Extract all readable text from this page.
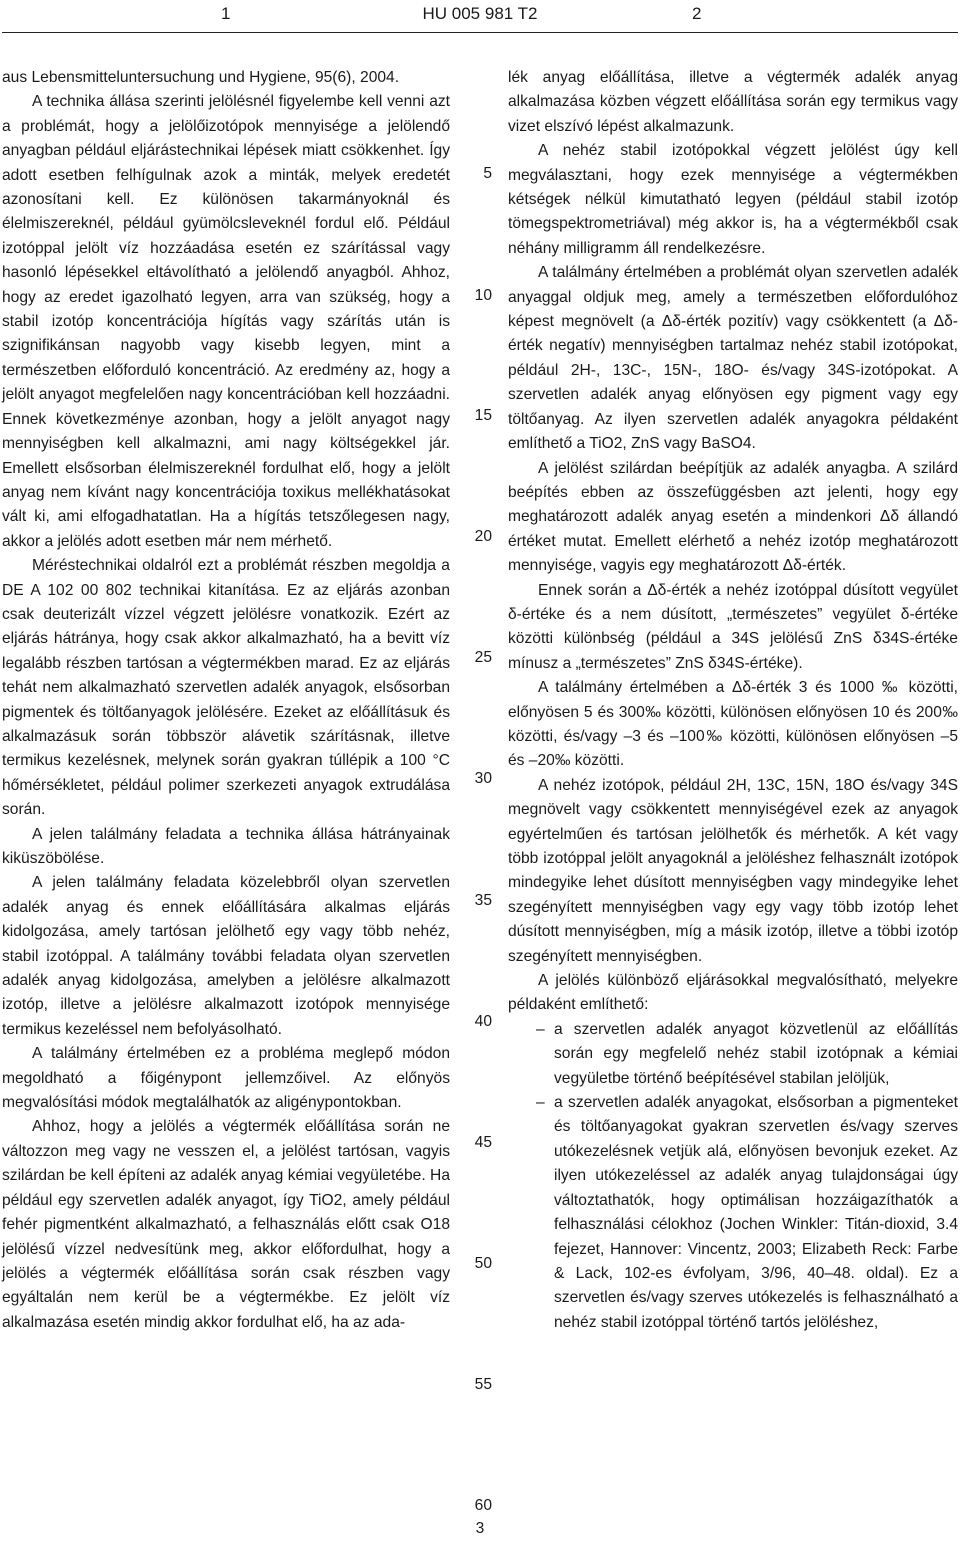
1	HU 005 981 T2	2

aus Lebensmitteluntersuchung und Hygiene, 95(6), 2004.

A technika állása szerinti jelölésnél figyelembe kell venni azt a problémát, hogy a jelölőizotópok mennyisége a jelölendő anyagban például eljárástechnikai lépések miatt csökkenhet. Így adott esetben felhígulnak azok a minták, melyek eredetét azonosítani kell. Ez különösen takarmányoknál és élelmiszereknél, például gyümölcsleveknél fordul elő. Például izotóppal jelölt víz hozzáadása esetén ez szárítással vagy hasonló lépésekkel eltávolítható a jelölendő anyagból. Ahhoz, hogy az eredet igazolható legyen, arra van szükség, hogy a stabil izotóp koncentrációja hígítás vagy szárítás után is szignifikánsan nagyobb vagy kisebb legyen, mint a természetben előforduló koncentráció. Az eredmény az, hogy a jelölt anyagot megfelelően nagy koncentrációban kell hozzáadni. Ennek következménye azonban, hogy a jelölt anyagot nagy mennyiségben kell alkalmazni, ami nagy költségekkel jár. Emellett elsősorban élelmiszereknél fordulhat elő, hogy a jelölt anyag nem kívánt nagy koncentrációja toxikus mellékhatásokat vált ki, ami elfogadhatatlan. Ha a hígítás tetszőlegesen nagy, akkor a jelölés adott esetben már nem mérhető.

Méréstechnikai oldalról ezt a problémát részben megoldja a DE A 102 00 802 technikai kitanítása. Ez az eljárás azonban csak deuterizált vízzel végzett jelölésre vonatkozik. Ezért az eljárás hátránya, hogy csak akkor alkalmazható, ha a bevitt víz legalább részben tartósan a végtermékben marad. Ez az eljárás tehát nem alkalmazható szervetlen adalék anyagok, elsősorban pigmentek és töltőanyagok jelölésére. Ezeket az előállításuk és alkalmazásuk során többször alávetik szárításnak, illetve termikus kezelésnek, melynek során gyakran túllépik a 100 °C hőmérsékletet, például polimer szerkezeti anyagok extrudálása során.

A jelen találmány feladata a technika állása hátrányainak kiküszöbölése.

A jelen találmány feladata közelebbről olyan szervetlen adalék anyag és ennek előállítására alkalmas eljárás kidolgozása, amely tartósan jelölhető egy vagy több nehéz, stabil izotóppal. A találmány további feladata olyan szervetlen adalék anyag kidolgozása, amelyben a jelölésre alkalmazott izotóp, illetve a jelölésre alkalmazott izotópok mennyisége termikus kezeléssel nem befolyásolható.

A találmány értelmében ez a probléma meglepő módon megoldható a főigénypont jellemzőivel. Az előnyös megvalósítási módok megtalálhatók az aligénypontokban.

Ahhoz, hogy a jelölés a végtermék előállítása során ne változzon meg vagy ne vesszen el, a jelölést tartósan, vagyis szilárdan be kell építeni az adalék anyag kémiai vegyületébe. Ha például egy szervetlen adalék anyagot, így TiO2, amely például fehér pigmentként alkalmazható, a felhasználás előtt csak O18 jelölésű vízzel nedvesítünk meg, akkor előfordulhat, hogy a jelölés a végtermék előállítása során csak részben vagy egyáltalán nem kerül be a végtermékbe. Ez jelölt víz alkalmazása esetén mindig akkor fordulhat elő, ha az ada-

5
10
15
20
25
30
35
40
45
50
55
60

lék anyag előállítása, illetve a végtermék adalék anyag alkalmazása közben végzett előállítása során egy termikus vagy vizet elszívó lépést alkalmazunk.

A nehéz stabil izotópokkal végzett jelölést úgy kell megválasztani, hogy ezek mennyisége a végtermékben kétségek nélkül kimutatható legyen (például stabil izotóp tömegspektrometriával) még akkor is, ha a végtermékből csak néhány milligramm áll rendelkezésre.

A találmány értelmében a problémát olyan szervetlen adalék anyaggal oldjuk meg, amely a természetben előfordulóhoz képest megnövelt (a Δδ-érték pozitív) vagy csökkentett (a Δδ-érték negatív) mennyiségben tartalmaz nehéz stabil izotópokat, például 2H-, 13C-, 15N-, 18O- és/vagy 34S-izotópokat. A szervetlen adalék anyag előnyösen egy pigment vagy egy töltőanyag. Az ilyen szervetlen adalék anyagokra példaként említhető a TiO2, ZnS vagy BaSO4.

A jelölést szilárdan beépítjük az adalék anyagba. A szilárd beépítés ebben az összefüggésben azt jelenti, hogy egy meghatározott adalék anyag esetén a mindenkori Δδ állandó értéket mutat. Emellett elérhető a nehéz izotóp meghatározott mennyisége, vagyis egy meghatározott Δδ-érték.

Ennek során a Δδ-érték a nehéz izotóppal dúsított vegyület δ-értéke és a nem dúsított, „természetes” vegyület δ-értéke közötti különbség (például a 34S jelölésű ZnS δ34S-értéke mínusz a „természetes” ZnS δ34S-értéke).

A találmány értelmében a Δδ-érték 3 és 1000 ‰ közötti, előnyösen 5 és 300‰ közötti, különösen előnyösen 10 és 200‰ közötti, és/vagy –3 és –100‰ közötti, különösen előnyösen –5 és –20‰ közötti.

A nehéz izotópok, például 2H, 13C, 15N, 18O és/vagy 34S megnövelt vagy csökkentett mennyiségével ezek az anyagok egyértelműen és tartósan jelölhetők és mérhetők. A két vagy több izotóppal jelölt anyagoknál a jelöléshez felhasznált izotópok mindegyike lehet dúsított mennyiségben vagy mindegyike lehet szegényített mennyiségben vagy egy vagy több izotóp lehet dúsított mennyiségben, míg a másik izotóp, illetve a többi izotóp szegényített mennyiségben.

A jelölés különböző eljárásokkal megvalósítható, melyekre példaként említhető:

– a szervetlen adalék anyagot közvetlenül az előállítás során egy megfelelő nehéz stabil izotópnak a kémiai vegyületbe történő beépítésével stabilan jelöljük,
– a szervetlen adalék anyagokat, elsősorban a pigmenteket és töltőanyagokat gyakran szervetlen és/vagy szerves utókezelésnek vetjük alá, előnyösen bevonjuk ezeket. Az ilyen utókezeléssel az adalék anyag tulajdonságai úgy változtathatók, hogy optimálisan hozzáigazíthatók a felhasználási célokhoz (Jochen Winkler: Titán-dioxid, 3.4 fejezet, Hannover: Vincentz, 2003; Elizabeth Reck: Farbe & Lack, 102-es évfolyam, 3/96, 40–48. oldal). Ez a szervetlen és/vagy szerves utókezelés is felhasználható a nehéz stabil izotóppal történő tartós jelöléshez,
3
